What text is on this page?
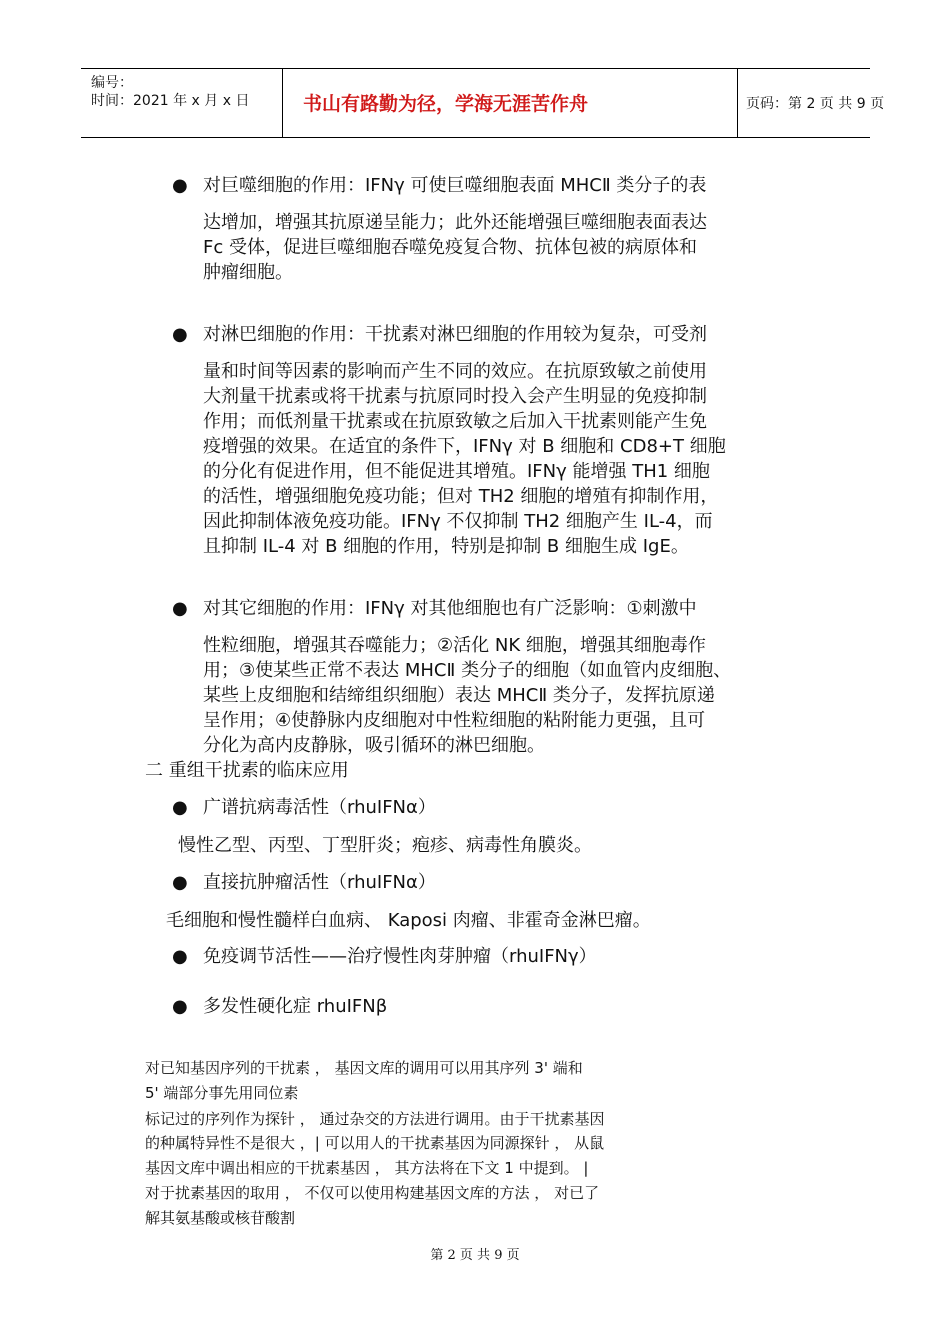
编号：
时间：2021 年 x 月 x 日	书山有路勤为径，学海无涯苦作舟	页码：第 2 页 共 9 页
● 对巨噬细胞的作用：IFNγ 可使巨噬细胞表面 MHCⅡ 类分子的表
达增加，增强其抗原递呈能力；此外还能增强巨噬细胞表面表达
Fc 受体，促进巨噬细胞吞噬免疫复合物、抗体包被的病原体和
肿瘤细胞。
● 对淋巴细胞的作用：干扰素对淋巴细胞的作用较为复杂，可受剂
量和时间等因素的影响而产生不同的效应。在抗原致敏之前使用
大剂量干扰素或将干扰素与抗原同时投入会产生明显的免疫抑制
作用；而低剂量干扰素或在抗原致敏之后加入干扰素则能产生免
疫增强的效果。在适宜的条件下，IFNγ 对 B 细胞和 CD8+T 细胞
的分化有促进作用，但不能促进其增殖。IFNγ 能增强 TH1 细胞
的活性，增强细胞免疫功能；但对 TH2 细胞的增殖有抑制作用，
因此抑制体液免疫功能。IFNγ 不仅抑制 TH2 细胞产生 IL-4，而
且抑制 IL-4 对 B 细胞的作用，特别是抑制 B 细胞生成 IgE。
● 对其它细胞的作用：IFNγ 对其他细胞也有广泛影响：①刺激中
性粒细胞，增强其吞噬能力；②活化 NK 细胞，增强其细胞毒作
用；③使某些正常不表达 MHCⅡ 类分子的细胞（如血管内皮细胞、
某些上皮细胞和结缔组织细胞）表达 MHCⅡ 类分子，发挥抗原递
呈作用；④使静脉内皮细胞对中性粒细胞的粘附能力更强，且可
分化为高内皮静脉，吸引循环的淋巴细胞。
二 重组干扰素的临床应用
● 广谱抗病毒活性（rhuIFNα）
慢性乙型、丙型、丁型肝炎；疱疹、病毒性角膜炎。
● 直接抗肿瘤活性（rhuIFNα）
毛细胞和慢性髓样白血病、 Kaposi 肉瘤、非霍奇金淋巴瘤。
● 免疫调节活性——治疗慢性肉芽肿瘤（rhuIFNγ）
● 多发性硬化症 rhuIFNβ
对已知基因序列的干扰素 ， 基因文库的调用可以用其序列 3' 端和
5' 端部分事先用同位素
标记过的序列作为探针 ， 通过杂交的方法进行调用。由于干扰素基因
的种属特异性不是很大 ，| 可以用人的干扰素基因为同源探针 ， 从鼠
基因文库中调出相应的干扰素基因 ， 其方法将在下文 1 中提到。 |
对于扰素基因的取用 ， 不仅可以使用构建基因文库的方法 ， 对已了
解其氨基酸或核苷酸割
第 2 页 共 9 页
